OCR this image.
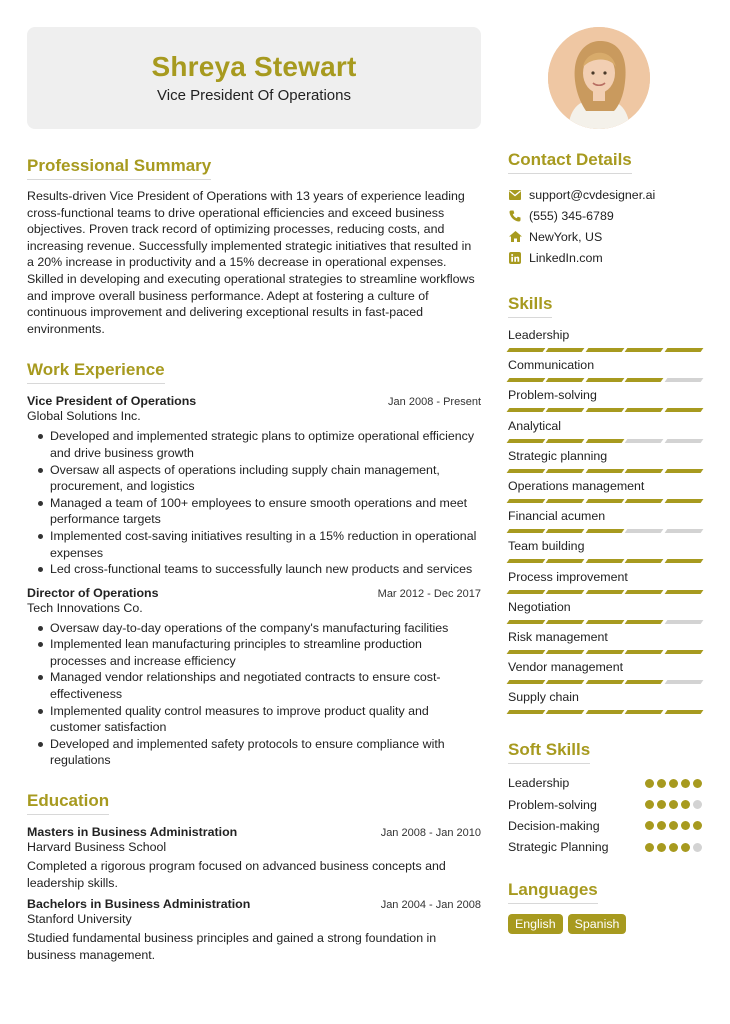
Shreya Stewart
Vice President Of Operations
Professional Summary

Results-driven Vice President of Operations with 13 years of experience leading cross-functional teams to drive operational efficiencies and exceed business objectives. Proven track record of optimizing processes, reducing costs, and increasing revenue. Successfully implemented strategic initiatives that resulted in a 20% increase in productivity and a 15% decrease in operational expenses. Skilled in developing and executing operational strategies to streamline workflows and improve overall business performance. Adept at fostering a culture of continuous improvement and delivering exceptional results in fast-paced environments.

Work Experience
Vice President of Operations	Jan 2008 - Present
Global Solutions Inc.
Developed and implemented strategic plans to optimize operational efficiency and drive business growth
Oversaw all aspects of operations including supply chain management, procurement, and logistics
Managed a team of 100+ employees to ensure smooth operations and meet performance targets
Implemented cost-saving initiatives resulting in a 15% reduction in operational expenses
Led cross-functional teams to successfully launch new products and services
Director of Operations	Mar 2012 - Dec 2017
Tech Innovations Co.
Oversaw day-to-day operations of the company's manufacturing facilities
Implemented lean manufacturing principles to streamline production processes and increase efficiency
Managed vendor relationships and negotiated contracts to ensure cost-effectiveness
Implemented quality control measures to improve product quality and customer satisfaction
Developed and implemented safety protocols to ensure compliance with regulations
Education
Masters in Business Administration	Jan 2008 - Jan 2010
Harvard Business School

Completed a rigorous program focused on advanced business concepts and leadership skills.

Bachelors in Business Administration	Jan 2004 - Jan 2008
Stanford University

Studied fundamental business principles and gained a strong foundation in business management.

Contact Details
support@cvdesigner.ai
(555) 345-6789
NewYork, US
LinkedIn.com
Skills
Leadership
Communication
Problem-solving
Analytical
Strategic planning
Operations management
Financial acumen
Team building
Process improvement
Negotiation
Risk management
Vendor management
Supply chain
Soft Skills
Leadership
Problem-solving
Decision-making
Strategic Planning
Languages
English	Spanish
